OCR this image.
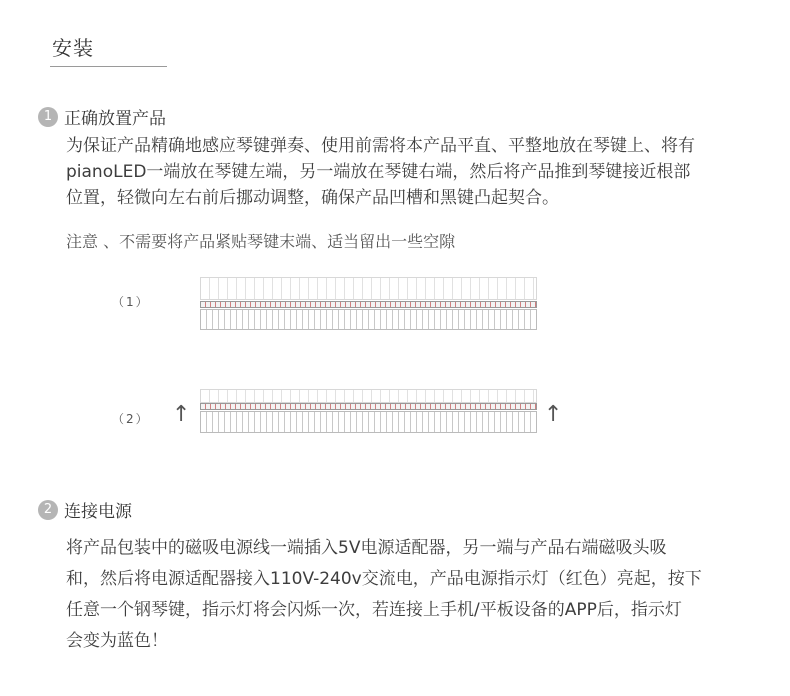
安装
1 正确放置产品
为保证产品精确地感应琴键弹奏、使用前需将本产品平直、平整地放在琴键上、将有
pianoLED一端放在琴键左端，另一端放在琴键右端，然后将产品推到琴键接近根部
位置，轻微向左右前后挪动调整，确保产品凹槽和黑键凸起契合。
注意 、不需要将产品紧贴琴键末端、适当留出一些空隙
（1）
（2） ↑	↑
2 连接电源
将产品包装中的磁吸电源线一端插入5V电源适配器，另一端与产品右端磁吸头吸
和，然后将电源适配器接入110V-240v交流电，产品电源指示灯（红色）亮起，按下
任意一个钢琴键，指示灯将会闪烁一次，若连接上手机/平板设备的APP后，指示灯
会变为蓝色！
